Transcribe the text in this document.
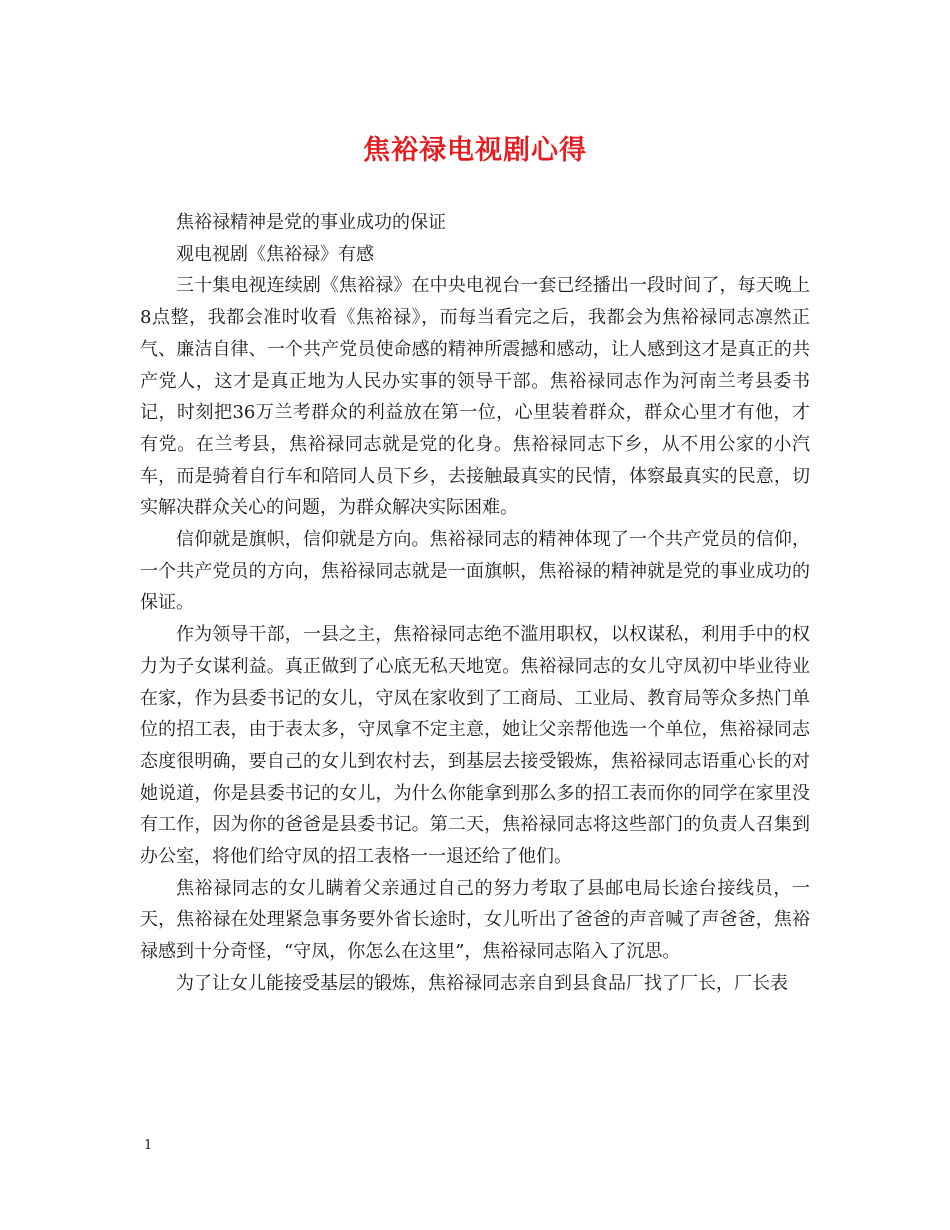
焦裕禄电视剧心得

焦裕禄精神是党的事业成功的保证

观电视剧《焦裕禄》有感

三十集电视连续剧《焦裕禄》在中央电视台一套已经播出一段时间了，每天晚上8点整，我都会准时收看《焦裕禄》，而每当看完之后，我都会为焦裕禄同志凛然正气、廉洁自律、一个共产党员使命感的精神所震撼和感动，让人感到这才是真正的共产党人，这才是真正地为人民办实事的领导干部。焦裕禄同志作为河南兰考县委书记，时刻把36万兰考群众的利益放在第一位，心里装着群众，群众心里才有他，才有党。在兰考县，焦裕禄同志就是党的化身。焦裕禄同志下乡，从不用公家的小汽车，而是骑着自行车和陪同人员下乡，去接触最真实的民情，体察最真实的民意，切实解决群众关心的问题，为群众解决实际困难。

信仰就是旗帜，信仰就是方向。焦裕禄同志的精神体现了一个共产党员的信仰，一个共产党员的方向，焦裕禄同志就是一面旗帜，焦裕禄的精神就是党的事业成功的保证。

作为领导干部，一县之主，焦裕禄同志绝不滥用职权，以权谋私，利用手中的权力为子女谋利益。真正做到了心底无私天地宽。焦裕禄同志的女儿守凤初中毕业待业在家，作为县委书记的女儿，守凤在家收到了工商局、工业局、教育局等众多热门单位的招工表，由于表太多，守凤拿不定主意，她让父亲帮他选一个单位，焦裕禄同志态度很明确，要自己的女儿到农村去，到基层去接受锻炼，焦裕禄同志语重心长的对她说道，你是县委书记的女儿，为什么你能拿到那么多的招工表而你的同学在家里没有工作，因为你的爸爸是县委书记。第二天，焦裕禄同志将这些部门的负责人召集到办公室，将他们给守凤的招工表格一一退还给了他们。

焦裕禄同志的女儿瞒着父亲通过自己的努力考取了县邮电局长途台接线员，一天，焦裕禄在处理紧急事务要外省长途时，女儿听出了爸爸的声音喊了声爸爸，焦裕禄感到十分奇怪，“守凤，你怎么在这里”，焦裕禄同志陷入了沉思。

为了让女儿能接受基层的锻炼，焦裕禄同志亲自到县食品厂找了厂长，厂长表

1
